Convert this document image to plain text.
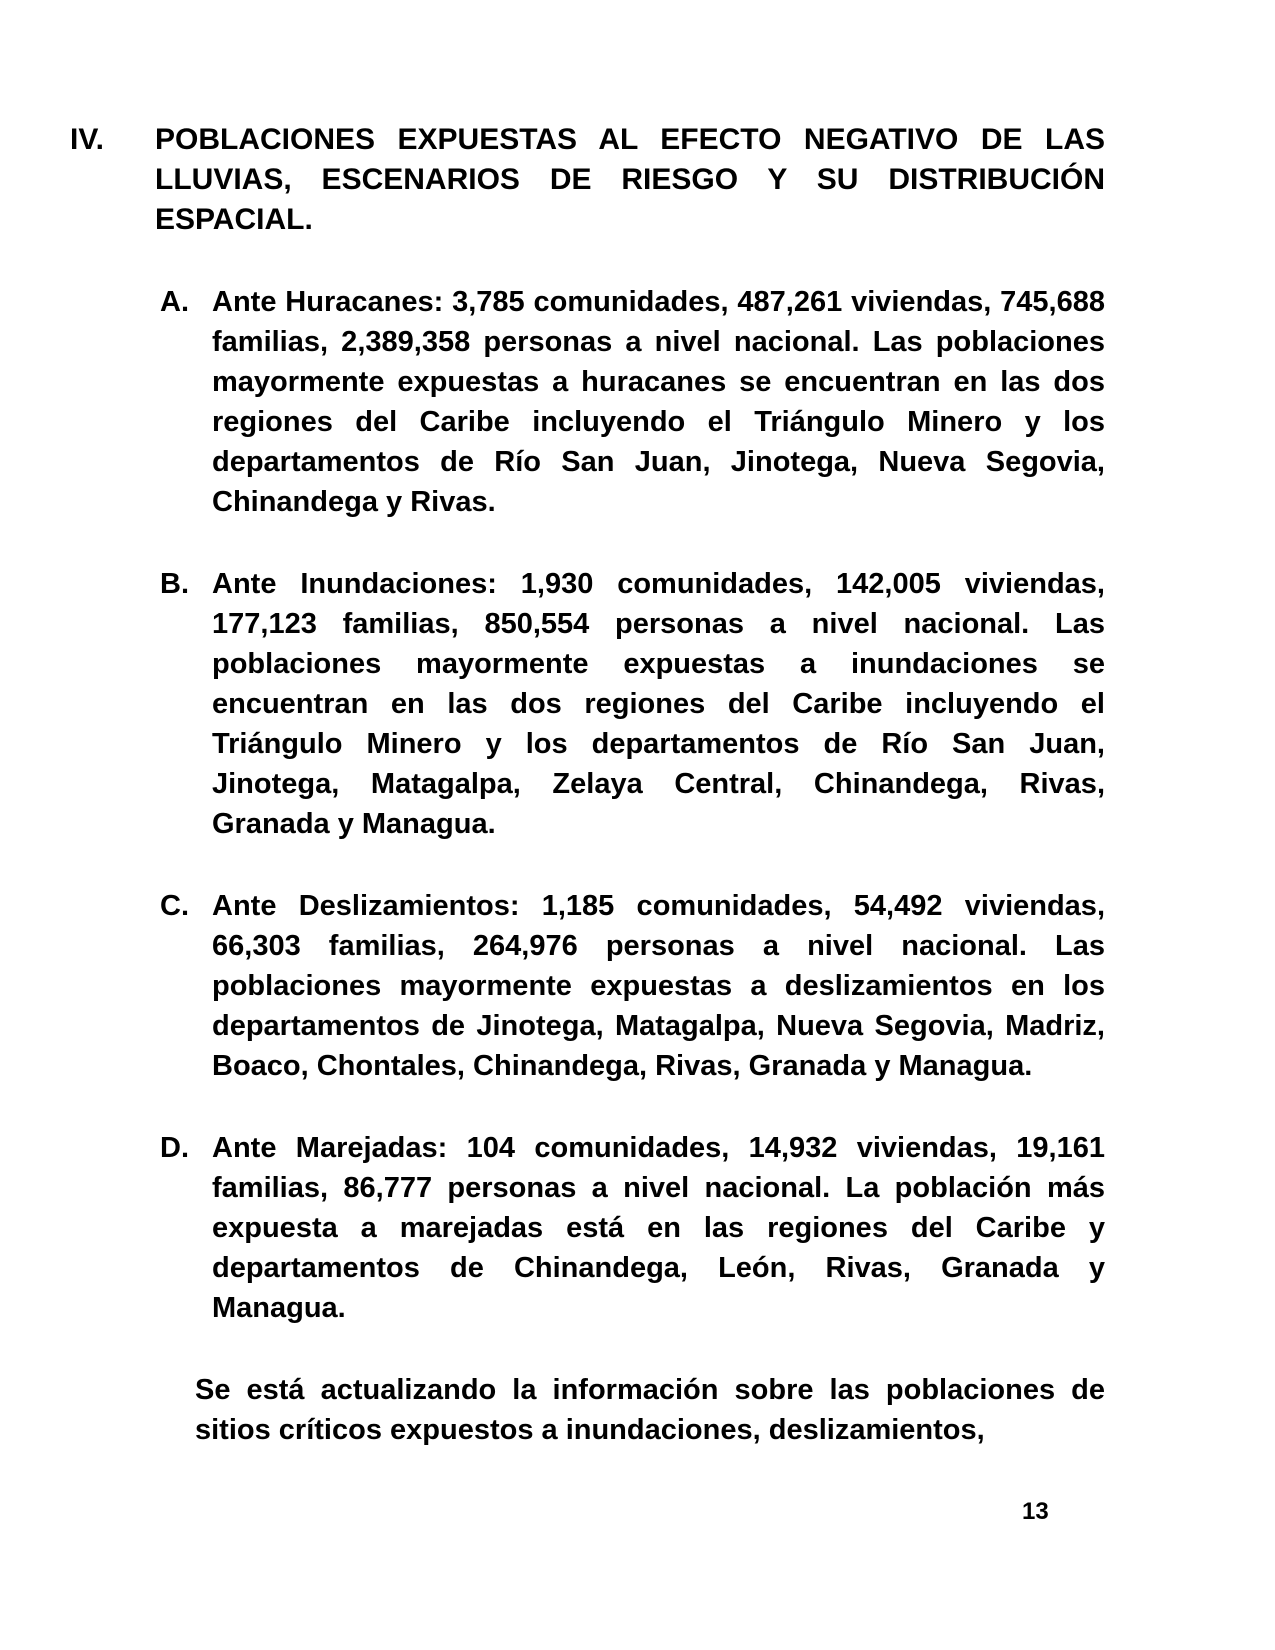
IV.	POBLACIONES EXPUESTAS AL EFECTO NEGATIVO DE LAS LLUVIAS, ESCENARIOS DE RIESGO Y SU DISTRIBUCIÓN ESPACIAL.
A. Ante Huracanes: 3,785 comunidades, 487,261 viviendas, 745,688 familias, 2,389,358 personas a nivel nacional. Las poblaciones mayormente expuestas a huracanes se encuentran en las dos regiones del Caribe incluyendo el Triángulo Minero y los departamentos de Río San Juan, Jinotega, Nueva Segovia, Chinandega y Rivas.
B. Ante Inundaciones: 1,930 comunidades, 142,005 viviendas, 177,123 familias, 850,554 personas a nivel nacional. Las poblaciones mayormente expuestas a inundaciones se encuentran en las dos regiones del Caribe incluyendo el Triángulo Minero y los departamentos de Río San Juan, Jinotega, Matagalpa, Zelaya Central, Chinandega, Rivas, Granada y Managua.
C. Ante Deslizamientos: 1,185 comunidades, 54,492 viviendas, 66,303 familias, 264,976 personas a nivel nacional. Las poblaciones mayormente expuestas a deslizamientos en los departamentos de Jinotega, Matagalpa, Nueva Segovia, Madriz, Boaco, Chontales, Chinandega, Rivas, Granada y Managua.
D. Ante Marejadas: 104 comunidades, 14,932 viviendas, 19,161 familias, 86,777 personas a nivel nacional. La población más expuesta a marejadas está en las regiones del Caribe y departamentos de Chinandega, León, Rivas, Granada y Managua.
Se está actualizando la información sobre las poblaciones de sitios críticos expuestos a inundaciones, deslizamientos,
13
